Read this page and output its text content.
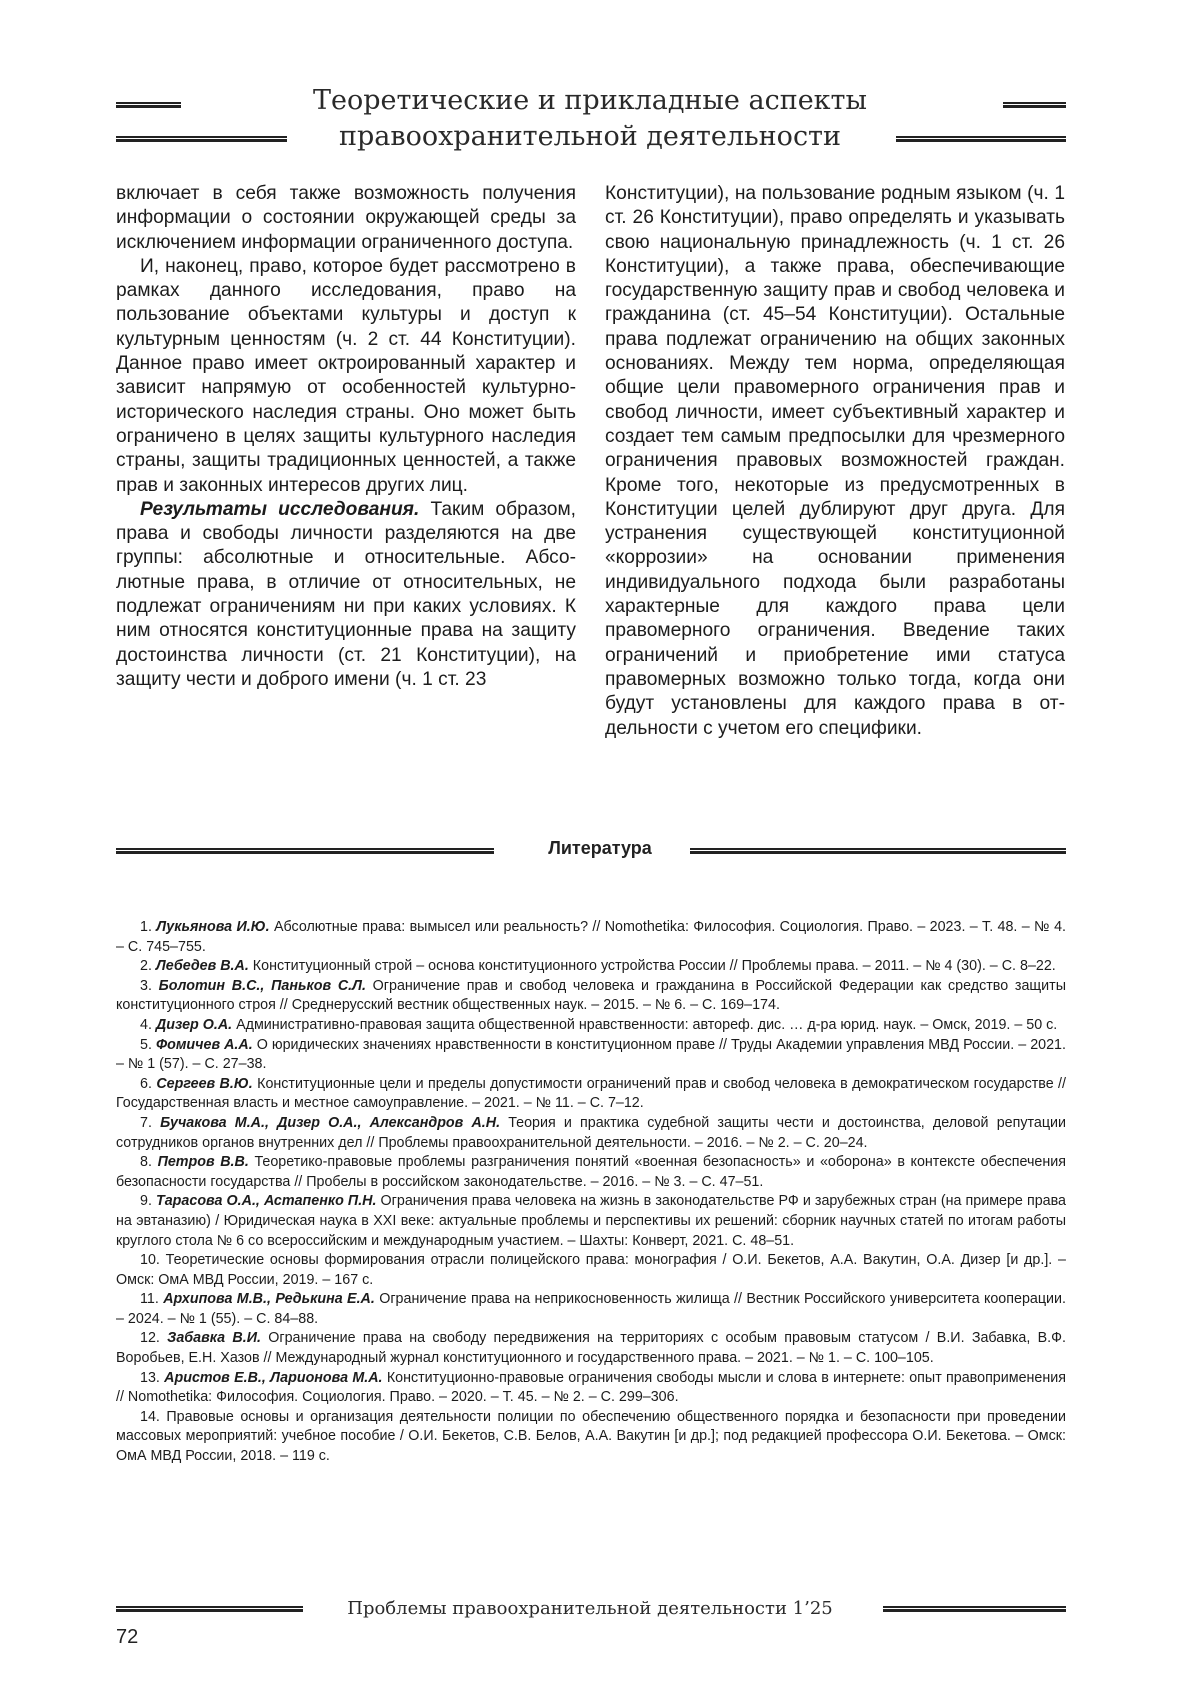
Теоретические и прикладные аспекты
правоохранительной деятельности

включает в себя также возможность получения информации о состоянии окружающей среды за исключением информации ограниченного доступа.

И, наконец, право, которое будет рассмотрено в рамках данного исследования, право на пользование объектами культуры и доступ к культурным ценностям (ч. 2 ст. 44 Конституции). Данное право имеет октроированный характер и зависит напрямую от особенностей культурно-исторического наследия страны. Оно может быть ограничено в целях защиты культурного наследия страны, защиты традиционных ценностей, а также прав и законных интересов других лиц.

Результаты исследования. Таким образом, права и свободы личности разделяются на две группы: абсолютные и относительные. Абсолютные права, в отличие от относительных, не подлежат ограничениям ни при каких условиях. К ним относятся конституционные права на защиту достоинства личности (ст. 21 Конституции), на защиту чести и доброго имени (ч. 1 ст. 23

Конституции), на пользование родным языком (ч. 1 ст. 26 Конституции), право определять и указывать свою национальную принадлежность (ч. 1 ст. 26 Конституции), а также права, обеспечивающие государственную защиту прав и свобод человека и гражданина (ст. 45–54 Конституции). Остальные права подлежат ограничению на общих законных основаниях. Между тем норма, определяющая общие цели правомерного ограничения прав и свобод личности, имеет субъективный характер и создает тем самым предпосылки для чрезмерного ограничения правовых возможностей граждан. Кроме того, некоторые из предусмотренных в Конституции целей дублируют друг друга. Для устранения существующей конституционной «коррозии» на основании применения индивидуального подхода были разработаны характерные для каждого права цели правомерного ограничения. Введение таких ограничений и приобретение ими статуса правомерных возможно только тогда, когда они будут установлены для каждого права в отдельности с учетом его специфики.

Литература

1. Лукьянова И.Ю. Абсолютные права: вымысел или реальность? // Nomothetika: Философия. Социология. Право. – 2023. – Т. 48. – № 4. – С. 745–755.

2. Лебедев В.А. Конституционный строй – основа конституционного устройства России // Проблемы права. – 2011. – № 4 (30). – С. 8–22.

3. Болотин В.С., Паньков С.Л. Ограничение прав и свобод человека и гражданина в Российской Федерации как средство защиты конституционного строя // Среднерусский вестник общественных наук. – 2015. – № 6. – С. 169–174.

4. Дизер О.А. Административно-правовая защита общественной нравственности: автореф. дис. … д-ра юрид. наук. – Омск, 2019. – 50 с.

5. Фомичев А.А. О юридических значениях нравственности в конституционном праве // Труды Академии управления МВД России. – 2021. – № 1 (57). – С. 27–38.

6. Сергеев В.Ю. Конституционные цели и пределы допустимости ограничений прав и свобод человека в демократическом государстве // Государственная власть и местное самоуправление. – 2021. – № 11. – С. 7–12.

7. Бучакова М.А., Дизер О.А., Александров А.Н. Теория и практика судебной защиты чести и достоинства, деловой репутации сотрудников органов внутренних дел // Проблемы правоохранительной деятельности. – 2016. – № 2. – С. 20–24.

8. Петров В.В. Теоретико-правовые проблемы разграничения понятий «военная безопасность» и «оборона» в контексте обеспечения безопасности государства // Пробелы в российском законодательстве. – 2016. – № 3. – С. 47–51.

9. Тарасова О.А., Астапенко П.Н. Ограничения права человека на жизнь в законодательстве РФ и зарубежных стран (на примере права на эвтаназию) / Юридическая наука в XXI веке: актуальные проблемы и перспективы их решений: сборник научных статей по итогам работы круглого стола № 6 со всероссийским и международным участием. – Шахты: Конверт, 2021. С. 48–51.

10. Теоретические основы формирования отрасли полицейского права: монография / О.И. Бекетов, А.А. Вакутин, О.А. Дизер [и др.]. – Омск: ОмА МВД России, 2019. – 167 с.

11. Архипова М.В., Редькина Е.А. Ограничение права на неприкосновенность жилища // Вестник Российского университета кооперации. – 2024. – № 1 (55). – С. 84–88.

12. Забавка В.И. Ограничение права на свободу передвижения на территориях с особым правовым статусом / В.И. Забавка, В.Ф. Воробьев, Е.Н. Хазов // Международный журнал конституционного и государственного права. – 2021. – № 1. – С. 100–105.

13. Аристов Е.В., Ларионова М.А. Конституционно-правовые ограничения свободы мысли и слова в интернете: опыт правоприменения // Nomothetika: Философия. Социология. Право. – 2020. – Т. 45. – № 2. – С. 299–306.

14. Правовые основы и организация деятельности полиции по обеспечению общественного порядка и безопасности при проведении массовых мероприятий: учебное пособие / О.И. Бекетов, С.В. Белов, А.А. Вакутин [и др.]; под редакцией профессора О.И. Бекетова. – Омск: ОмА МВД России, 2018. – 119 с.

Проблемы правоохранительной деятельности 1’25
72
